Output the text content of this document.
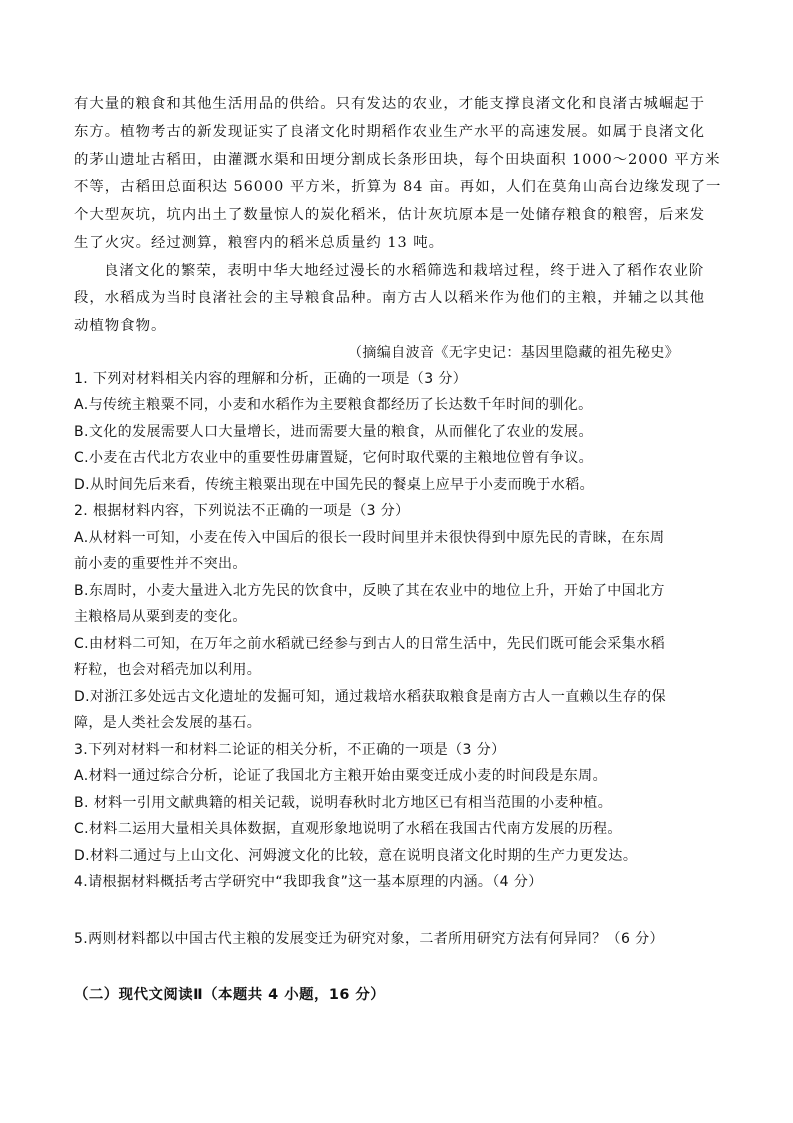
有大量的粮食和其他生活用品的供给。只有发达的农业，才能支撑良渚文化和良渚古城崛起于
东方。植物考古的新发现证实了良渚文化时期稻作农业生产水平的高速发展。如属于良渚文化
的茅山遗址古稻田，由灌溉水渠和田埂分割成长条形田块，每个田块面积 1000～2000 平方米
不等，古稻田总面积达 56000 平方米，折算为 84 亩。再如，人们在莫角山高台边缘发现了一
个大型灰坑，坑内出土了数量惊人的炭化稻米，估计灰坑原本是一处储存粮食的粮窖，后来发
生了火灾。经过测算，粮窖内的稻米总质量约 13 吨。
良渚文化的繁荣，表明中华大地经过漫长的水稻筛选和栽培过程，终于进入了稻作农业阶
段，水稻成为当时良渚社会的主导粮食品种。南方古人以稻米作为他们的主粮，并辅之以其他
动植物食物。
（摘编自波音《无字史记：基因里隐藏的祖先秘史》
1. 下列对材料相关内容的理解和分析，正确的一项是（3 分）
A.与传统主粮粟不同，小麦和水稻作为主要粮食都经历了长达数千年时间的驯化。
B.文化的发展需要人口大量增长，进而需要大量的粮食，从而催化了农业的发展。
C.小麦在古代北方农业中的重要性毋庸置疑，它何时取代粟的主粮地位曾有争议。
D.从时间先后来看，传统主粮粟出现在中国先民的餐桌上应早于小麦而晚于水稻。
2. 根据材料内容，下列说法不正确的一项是（3 分）
A.从材料一可知，小麦在传入中国后的很长一段时间里并未很快得到中原先民的青睐，在东周
前小麦的重要性并不突出。
B.东周时，小麦大量进入北方先民的饮食中，反映了其在农业中的地位上升，开始了中国北方
主粮格局从粟到麦的变化。
C.由材料二可知，在万年之前水稻就已经参与到古人的日常生活中，先民们既可能会采集水稻
籽粒，也会对稻壳加以利用。
D.对浙江多处远古文化遗址的发掘可知，通过栽培水稻获取粮食是南方古人一直赖以生存的保
障，是人类社会发展的基石。
3.下列对材料一和材料二论证的相关分析，不正确的一项是（3 分）
A.材料一通过综合分析，论证了我国北方主粮开始由粟变迁成小麦的时间段是东周。
B. 材料一引用文献典籍的相关记载，说明春秋时北方地区已有相当范围的小麦种植。
C.材料二运用大量相关具体数据，直观形象地说明了水稻在我国古代南方发展的历程。
D.材料二通过与上山文化、河姆渡文化的比较，意在说明良渚文化时期的生产力更发达。
4.请根据材料概括考古学研究中“我即我食”这一基本原理的内涵。（4 分）
5.两则材料都以中国古代主粮的发展变迁为研究对象，二者所用研究方法有何异同？（6 分）
（二）现代文阅读Ⅱ（本题共 4 小题，16 分）
